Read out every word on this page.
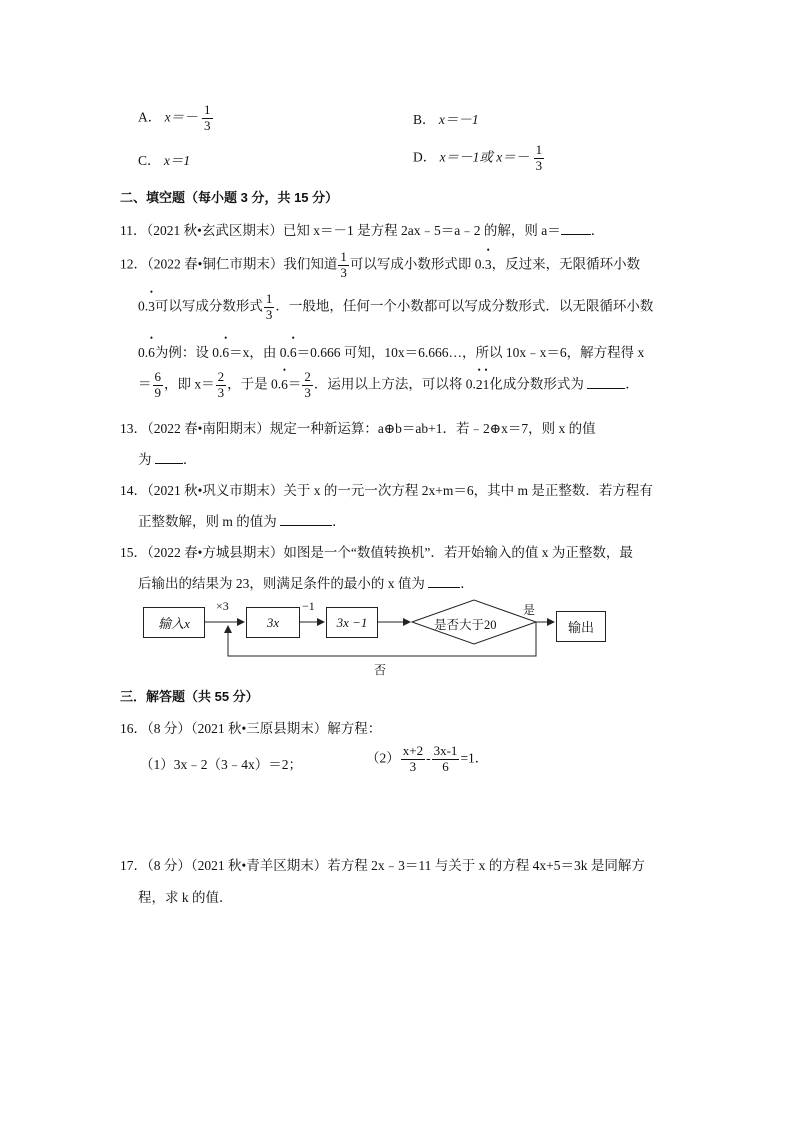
A． $x=- \frac{1}{3}$	B． x＝－1
C． x＝1	D． x＝－1或 $x=- \frac{1}{3}$
二、填空题（每小题 3 分，共 15 分）
11．（2021 秋•玄武区期末）已知 x＝－1 是方程 2ax﹣5＝a﹣2 的解，则 a＝ ．
12．（2022 春•铜仁市期末）我们知道 $\frac{1}{3}$ 可以写成小数形式即 0.• 3，反过来，无限循环小数
0.• 3可以写成分数形式 $\frac{1}{3}$ ．一般地，任何一个小数都可以写成分数形式．以无限循环小数
0.• 6为例：设 0.• 6＝x，由 0.• 6＝0.666 可知，10x＝6.666…，所以 10x﹣x＝6，解方程得 x
＝ $\frac{6}{9}$ ，即 $x= \frac{2}{3}$ ，于是 0.• $6= \frac{2}{3}$ ．运用以上方法，可以将 0.• 2• 1化成分数形式为	．
13．（2022 春•南阳期末）规定一种新运算：a⊕b＝ab+1．若﹣2⊕x＝7，则 x 的值
为 ．
14．（2021 秋•巩义市期末）关于 x 的一元一次方程 2x+m＝6，其中 m 是正整数．若方程有
正整数解，则 m 的值为	．
15．（2022 春•方城县期末）如图是一个“数值转换机”．若开始输入的值 x 为正整数，最
后输出的结果为 23，则满足条件的最小的 x 值为	．
输入x
×3
3x
−1
3x −1	是否大于20
是
输出
否
三．解答题（共 55 分）
16．（8 分）（2021 秋•三原县期末）解方程：
（1）3x﹣2（3﹣4x）＝2；	$(2) \frac{x+2}{3} - \frac{3x-1}{6} =1$．
17．（8 分）（2021 秋•青羊区期末）若方程 2x﹣3＝11 与关于 x 的方程 4x+5＝3k 是同解方
程，求 k 的值．
